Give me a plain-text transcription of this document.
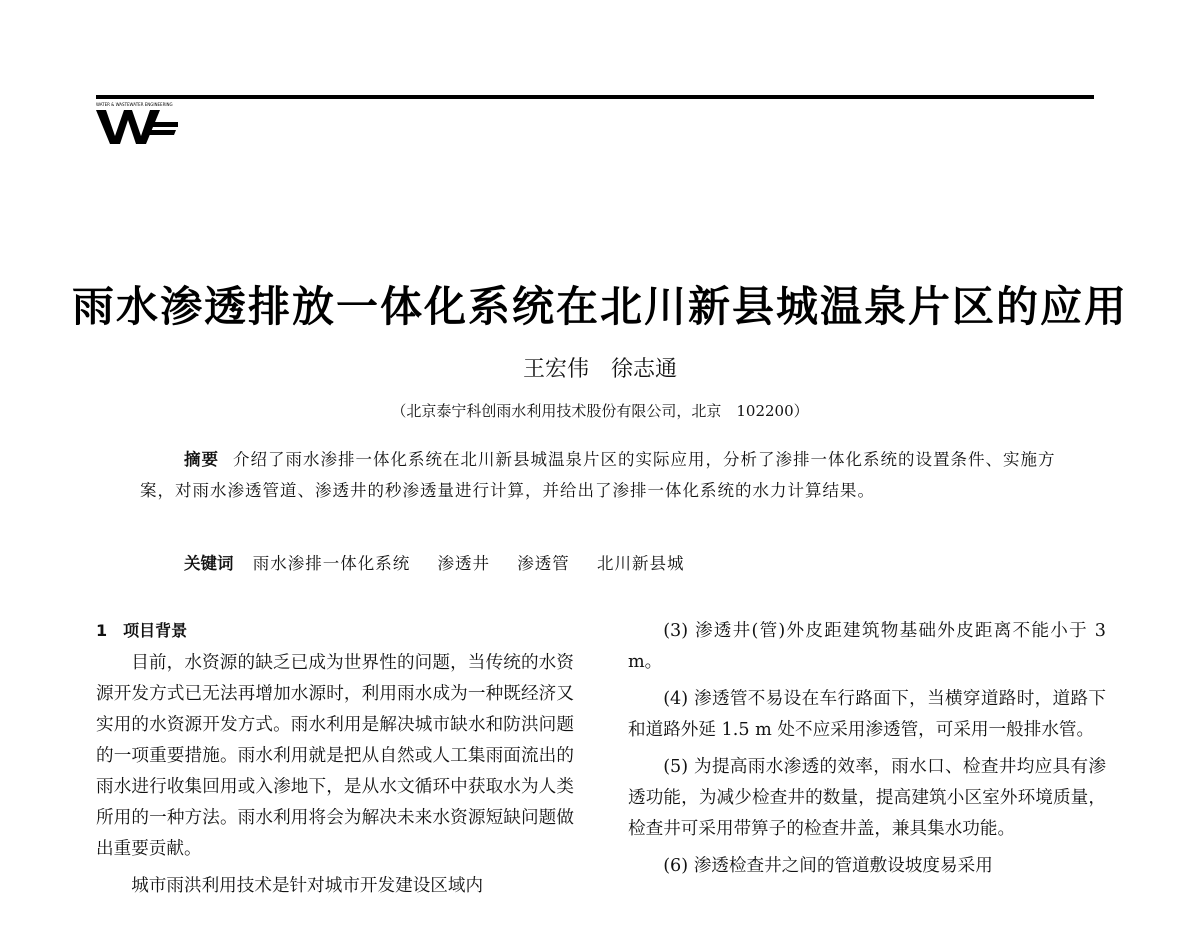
WATER & WASTEWATER ENGINEERING
雨水渗透排放一体化系统在北川新县城温泉片区的应用
王宏伟　徐志通
（北京泰宁科创雨水利用技术股份有限公司，北京　102200）
摘要 介绍了雨水渗排一体化系统在北川新县城温泉片区的实际应用，分析了渗排一体化系统的设置条件、实施方案，对雨水渗透管道、渗透井的秒渗透量进行计算，并给出了渗排一体化系统的水力计算结果。
关键词 雨水渗排一体化系统 渗透井 渗透管 北川新县城
1 项目背景

目前，水资源的缺乏已成为世界性的问题，当传统的水资源开发方式已无法再增加水源时，利用雨水成为一种既经济又实用的水资源开发方式。雨水利用是解决城市缺水和防洪问题的一项重要措施。雨水利用就是把从自然或人工集雨面流出的雨水进行收集回用或入渗地下，是从水文循环中获取水为人类所用的一种方法。雨水利用将会为解决未来水资源短缺问题做出重要贡献。

城市雨洪利用技术是针对城市开发建设区域内

(3) 渗透井(管)外皮距建筑物基础外皮距离不能小于 3 m。

(4) 渗透管不易设在车行路面下，当横穿道路时，道路下和道路外延 1.5 m 处不应采用渗透管，可采用一般排水管。

(5) 为提高雨水渗透的效率，雨水口、检查井均应具有渗透功能，为减少检查井的数量，提高建筑小区室外环境质量，检查井可采用带箅子的检查井盖，兼具集水功能。

(6) 渗透检查井之间的管道敷设坡度易采用
